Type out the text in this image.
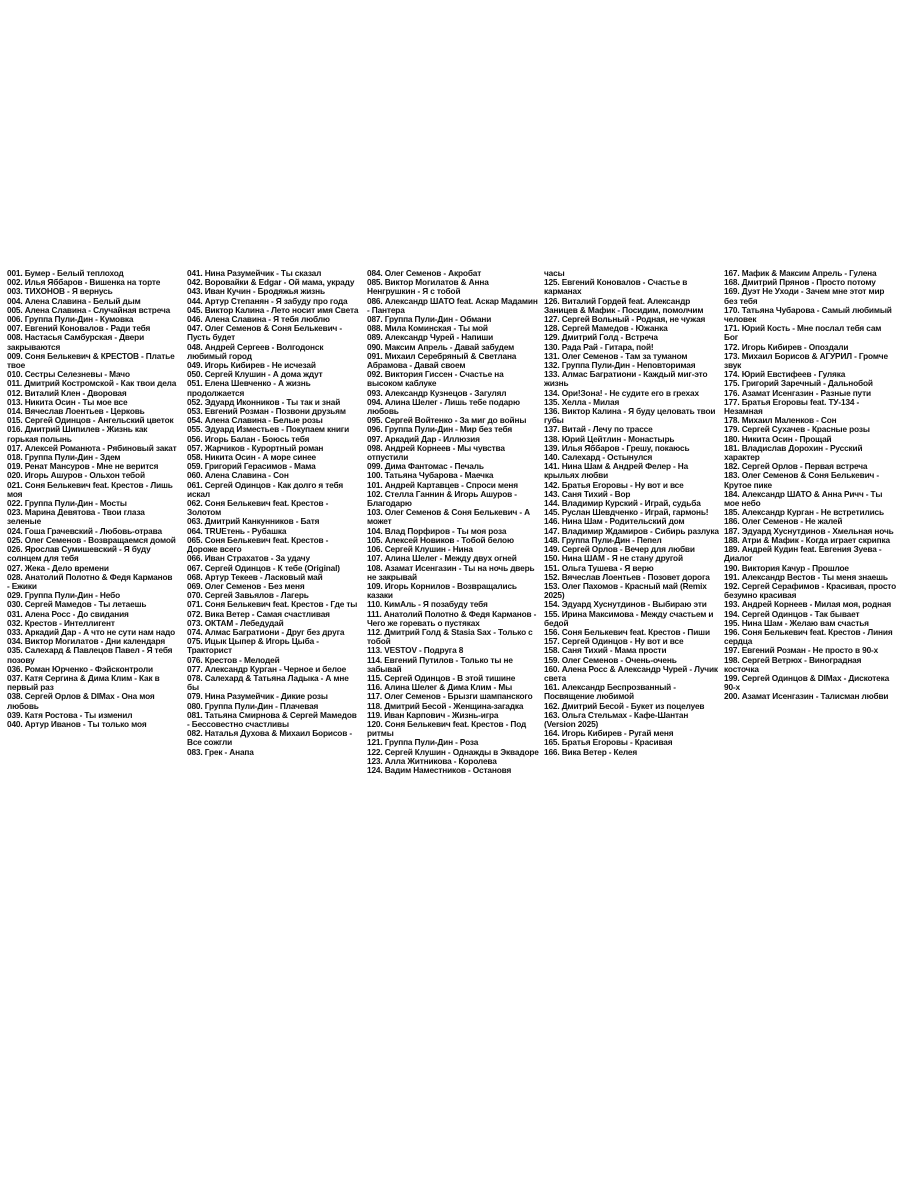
001. Бумер - Белый теплоход
002. Илья Яббаров - Вишенка на торте
003. ТИХОНОВ - Я вернусь
004. Алена Славина - Белый дым
005. Алена Славина - Случайная встреча
006. Группа Пули-Дин - Кумовка
007. Евгений Коновалов - Ради тебя
008. Настасья Самбурская - Двери закрываются
009. Соня Белькевич & КРЕСТОВ - Платье твое
010. Сестры Селезневы - Мачо
011. Дмитрий Костромской - Как твои дела
012. Виталий Клен - Дворовая
013. Никита Осин - Ты мое все
014. Вячеслав Лоентьев - Церковь
015. Сергей Одинцов - Ангельский цветок
016. Дмитрий Шипилев - Жизнь как горькая полынь
017. Алексей Романюта - Рябиновый закат
018. Группа Пули-Дин - Здем
019. Ренат Мансуров - Мне не верится
020. Игорь Ашуров - Ольхон тебой
021. Соня Белькевич feat. Крестов - Лишь моя
022. Группа Пули-Дин - Мосты
023. Марина Девятова - Твои глаза зеленые
024. Гоша Грачевский - Любовь-отрава
025. Олег Семенов - Возвращаемся домой
026. Ярослав Сумишевский - Я буду солнцем для тебя
027. Жека - Дело времени
028. Анатолий Полотно & Федя Карманов - Ежики
029. Группа Пули-Дин - Небо
030. Сергей Мамедов - Ты летаешь
031. Алена Росс - До свидания
032. Крестов - Интеллигент
033. Аркадий Дар - А что не сути нам надо
034. Виктор Могилатов - Дни календаря
035. Салехард & Павлецов Павел - Я тебя позову
036. Роман Юрченко - Фэйсконтроли
037. Катя Сергина & Дима Клим - Как в первый раз
038. Сергей Орлов & DIMax - Она моя любовь
039. Катя Ростова - Ты изменил
040. Артур Иванов - Ты только моя
041. Нина Разумейчик - Ты сказал
042. Воровайки & Edgar - Ой мама, украду
043. Иван Кучин - Бродяжья жизнь
044. Артур Степанян - Я забуду про года
045. Виктор Калина - Лето носит имя Света
046. Алена Славина - Я тебя люблю
047. Олег Семенов & Соня Белькевич - Пусть будет
048. Андрей Сергеев - Волгодонск любимый город
049. Игорь Кибирев - Не исчезай
050. Сергей Клушин - А дома ждут
051. Елена Шевченко - А жизнь продолжается
052. Эдуард Иконников - Ты так и знай
053. Евгений Розман - Позвони друзьям
054. Алена Славина - Белые розы
055. Эдуард Изместьев - Покупаем книги
056. Игорь Балан - Боюсь тебя
057. Жарчиков - Курортный роман
058. Никита Осин - А море синее
059. Григорий Герасимов - Мама
060. Алена Славина - Сон
061. Сергей Одинцов - Как долго я тебя искал
062. Соня Белькевич feat. Крестов - Золотом
063. Дмитрий Канкунников - Батя
064. TRUEтень - Рубашка
065. Соня Белькевич feat. Крестов - Дороже всего
066. Иван Страхатов - За удачу
067. Сергей Одинцов - К тебе (Original)
068. Артур Текеев - Ласковый май
069. Олег Семенов - Без меня
070. Сергей Завьялов - Лагерь
071. Соня Белькевич feat. Крестов - Где ты
072. Вика Ветер - Самая счастливая
073. ОКТАМ - Лебедудай
074. Алмас Багратиони - Друг без друга
075. Ицык Цыпер & Игорь Цыба - Тракторист
076. Крестов - Мелодей
077. Александр Курган - Черное и белое
078. Салехард & Татьяна Ладыка - А мне бы
079. Нина Разумейчик - Дикие розы
080. Группа Пули-Дин - Плачевая
081. Татьяна Смирнова & Сергей Мамедов - Бессовестно счастливы
082. Наталья Духова & Михаил Борисов - Все сожгли
083. Грек - Анапа
084. Олег Семенов - Акробат
085. Виктор Могилатов & Анна Ненгрушкин - Я с тобой
086. Александр ШАТО feat. Аскар Мадамин - Пантера
087. Группа Пули-Дин - Обмани
088. Мила Коминская - Ты мой
089. Александр Чурей - Напиши
090. Максим Апрель - Давай забудем
091. Михаил Серебряный & Светлана Абрамова - Давай своем
092. Виктория Гиссен - Счастье на высоком каблуке
093. Александр Кузнецов - Загулял
094. Алина Шелег - Лишь тебе подарю любовь
095. Сергей Войтенко - За миг до войны
096. Группа Пули-Дин - Мир без тебя
097. Аркадий Дар - Иллюзия
098. Андрей Корнеев - Мы чувства отпустили
099. Дима Фантомас - Печаль
100. Татьяна Чубарова - Маечка
101. Андрей Картавцев - Спроси меня
102. Стелла Ганнин & Игорь Ашуров - Благодарю
103. Олег Семенов & Соня Белькевич - А может
104. Влад Порфиров - Ты моя роза
105. Алексей Новиков - Тобой белою
106. Сергей Клушин - Нина
107. Алина Шелег - Между двух огней
108. Азамат Исенгазин - Ты на ночь дверь не закрывай
109. Игорь Корнилов - Возвращались казаки
110. КимАль - Я позабуду тебя
111. Анатолий Полотно & Федя Карманов - Чего же горевать о пустяках
112. Дмитрий Голд & Stasia Sax - Только с тобой
113. VESTOV - Подруга 8
114. Евгений Путилов - Только ты не забывай
115. Сергей Одинцов - В этой тишине
116. Алина Шелег & Дима Клим - Мы
117. Олег Семенов - Брызги шампанского
118. Дмитрий Бесой - Женщина-загадка
119. Иван Карпович - Жизнь-игра
120. Соня Белькевич feat. Крестов - Под ритмы
121. Группа Пули-Дин - Роза
122. Сергей Клушин - Однажды в Эквадоре
123. Алла Житникова - Королева
124. Вадим Наместников - Остановя
часы
125. Евгений Коновалов - Счастье в карманах
126. Виталий Гордей feat. Александр Заницев & Мафик - Посидим, помолчим
127. Сергей Вольный - Родная, не чужая
128. Сергей Мамедов - Южанка
129. Дмитрий Голд - Встреча
130. Рада Рай - Гитара, пой!
131. Олег Семенов - Там за туманом
132. Группа Пули-Дин - Неповторимая
133. Алмас Багратиони - Каждый миг-это жизнь
134. Ори!Зона! - Не судите его в грехах
135. Хелла - Милая
136. Виктор Калина - Я буду целовать твои губы
137. Витай - Лечу по трассе
138. Юрий Цейтлин - Монастырь
139. Илья Яббаров - Грешу, покаюсь
140. Салехард - Остынулся
141. Нина Шам & Андрей Фелер - На крыльях любви
142. Братья Егоровы - Ну вот и все
143. Саня Тихий - Вор
144. Владимир Курский - Играй, судьба
145. Руслан Шевдченко - Играй, гармонь!
146. Нина Шам - Родительский дом
147. Владимир Ждамиров - Сибирь разлука
148. Группа Пули-Дин - Пепел
149. Сергей Орлов - Вечер для любви
150. Нина ШАМ - Я не стану другой
151. Ольга Тушева - Я верю
152. Вячеслав Лоентьев - Позовет дорога
153. Олег Пахомов - Красный май (Remix 2025)
154. Эдуард Хуснутдинов - Выбираю эти
155. Ирина Максимова - Между счастьем и бедой
156. Соня Белькевич feat. Крестов - Пиши
157. Сергей Одинцов - Ну вот и все
158. Саня Тихий - Мама прости
159. Олег Семенов - Очень-очень
160. Алена Росс & Александр Чурей - Лучик света
161. Александр Беспрозванный - Посвящение любимой
162. Дмитрий Бесой - Букет из поцелуев
163. Ольга Стельмах - Кафе-Шантан (Version 2025)
164. Игорь Кибирев - Ругай меня
165. Братья Егоровы - Красивая
166. Вика Ветер - Келея
167. Мафик & Максим Апрель - Гулена
168. Дмитрий Прянов - Просто потому
169. Дуэт Не Уходи - Зачем мне этот мир без тебя
170. Татьяна Чубарова - Самый любимый человек
171. Юрий Кость - Мне послал тебя сам Бог
172. Игорь Кибирев - Опоздали
173. Михаил Борисов & АГУРИЛ - Громче звук
174. Юрий Евстифеев - Гуляка
175. Григорий Заречный - Дальнобой
176. Азамат Исенгазин - Разные пути
177. Братья Егоровы feat. ТУ-134 - Незамная
178. Михаил Маленков - Сон
179. Сергей Сухачев - Красные розы
180. Никита Осин - Прощай
181. Владислав Дорохин - Русский характер
182. Сергей Орлов - Первая встреча
183. Олег Семенов & Соня Белькевич - Крутое пике
184. Александр ШАТО & Анна Ричч - Ты мое небо
185. Александр Курган - Не встретились
186. Олег Семенов - Не жалей
187. Эдуард Хуснутдинов - Хмельная ночь
188. Атри & Мафик - Когда играет скрипка
189. Андрей Кудин feat. Евгения Зуева - Диалог
190. Виктория Качур - Прошлое
191. Александр Вестов - Ты меня знаешь
192. Сергей Серафимов - Красивая, просто безумно красивая
193. Андрей Корнеев - Милая моя, родная
194. Сергей Одинцов - Так бывает
195. Нина Шам - Желаю вам счастья
196. Соня Белькевич feat. Крестов - Линия сердца
197. Евгений Розман - Не просто в 90-х
198. Сергей Ветрюх - Виноградная косточка
199. Сергей Одинцов & DIMax - Дискотека 90-х
200. Азамат Исенгазин - Талисман любви
